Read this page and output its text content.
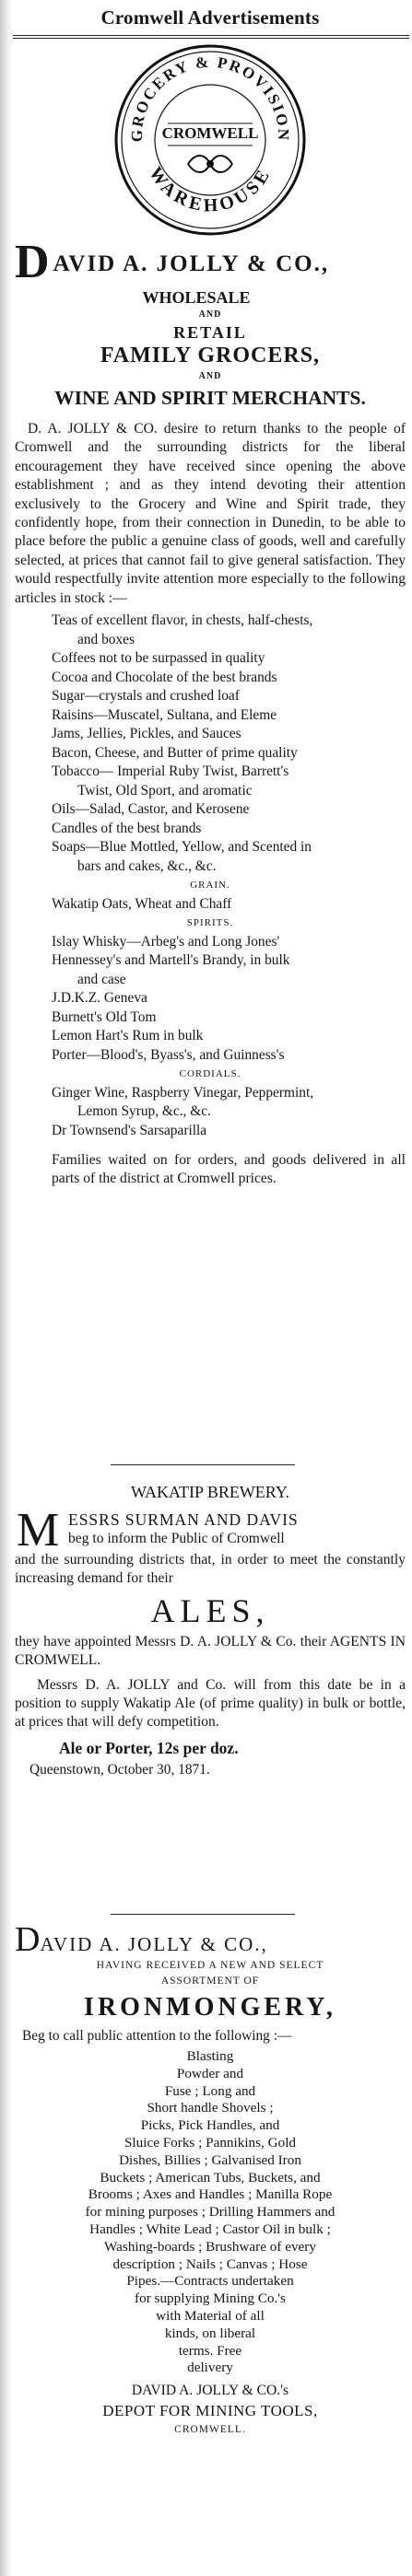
Cromwell Advertisements
GROCERY & PROVISION
WAREHOUSE
CROMWELL
D AVID A. JOLLY & CO.,
WHOLESALE
AND
RETAIL
FAMILY GROCERS,
AND
WINE AND SPIRIT MERCHANTS.

D. A. JOLLY & CO. desire to return thanks to the people of Cromwell and the surrounding districts for the liberal encouragement they have received since opening the above establishment ; and as they intend devoting their attention exclusively to the Grocery and Wine and Spirit trade, they confidently hope, from their connection in Dunedin, to be able to place before the public a genuine class of goods, well and carefully selected, at prices that cannot fail to give general satisfaction. They would respectfully invite attention more especially to the following articles in stock :—

Teas of excellent flavor, in chests, half-chests,
and boxes
Coffees not to be surpassed in quality
Cocoa and Chocolate of the best brands
Sugar—crystals and crushed loaf
Raisins—Muscatel, Sultana, and Eleme
Jams, Jellies, Pickles, and Sauces
Bacon, Cheese, and Butter of prime quality
Tobacco— Imperial Ruby Twist, Barrett's
Twist, Old Sport, and aromatic
Oils—Salad, Castor, and Kerosene
Candles of the best brands
Soaps—Blue Mottled, Yellow, and Scented in
bars and cakes, &c., &c.
GRAIN.
Wakatip Oats, Wheat and Chaff
SPIRITS.
Islay Whisky—Arbeg's and Long Jones'
Hennessey's and Martell's Brandy, in bulk
and case
J.D.K.Z. Geneva
Burnett's Old Tom
Lemon Hart's Rum in bulk
Porter—Blood's, Byass's, and Guinness's
CORDIALS.
Ginger Wine, Raspberry Vinegar, Peppermint,
Lemon Syrup, &c., &c.
Dr Townsend's Sarsaparilla

Families waited on for orders, and goods delivered in all parts of the district at Cromwell prices.

WAKATIP BREWERY.
M ESSRS SURMAN AND DAVIS
beg to inform the Public of Cromwell

and the surrounding districts that, in order to meet the constantly increasing demand for their

ALES,

they have appointed Messrs D. A. JOLLY & Co. their AGENTS IN CROMWELL.

Messrs D. A. JOLLY and Co. will from this date be in a position to supply Wakatip Ale (of prime quality) in bulk or bottle, at prices that will defy competition.

Ale or Porter, 12s per doz.
Queenstown, October 30, 1871.
DAVID A. JOLLY & CO.,
HAVING RECEIVED A NEW AND SELECT
ASSORTMENT OF
IRONMONGERY,
Beg to call public attention to the following :—
Blasting
Powder and
Fuse ; Long and
Short handle Shovels ;
Picks, Pick Handles, and
Sluice Forks ; Pannikins, Gold
Dishes, Billies ; Galvanised Iron
Buckets ; American Tubs, Buckets, and
Brooms ; Axes and Handles ; Manilla Rope
for mining purposes ; Drilling Hammers and
Handles ; White Lead ; Castor Oil in bulk ;
Washing-boards ; Brushware of every
description ; Nails ; Canvas ; Hose
Pipes.—Contracts undertaken
for supplying Mining Co.'s
with Material of all
kinds, on liberal
terms. Free
delivery
DAVID A. JOLLY & CO.'s
DEPOT FOR MINING TOOLS,
CROMWELL.
